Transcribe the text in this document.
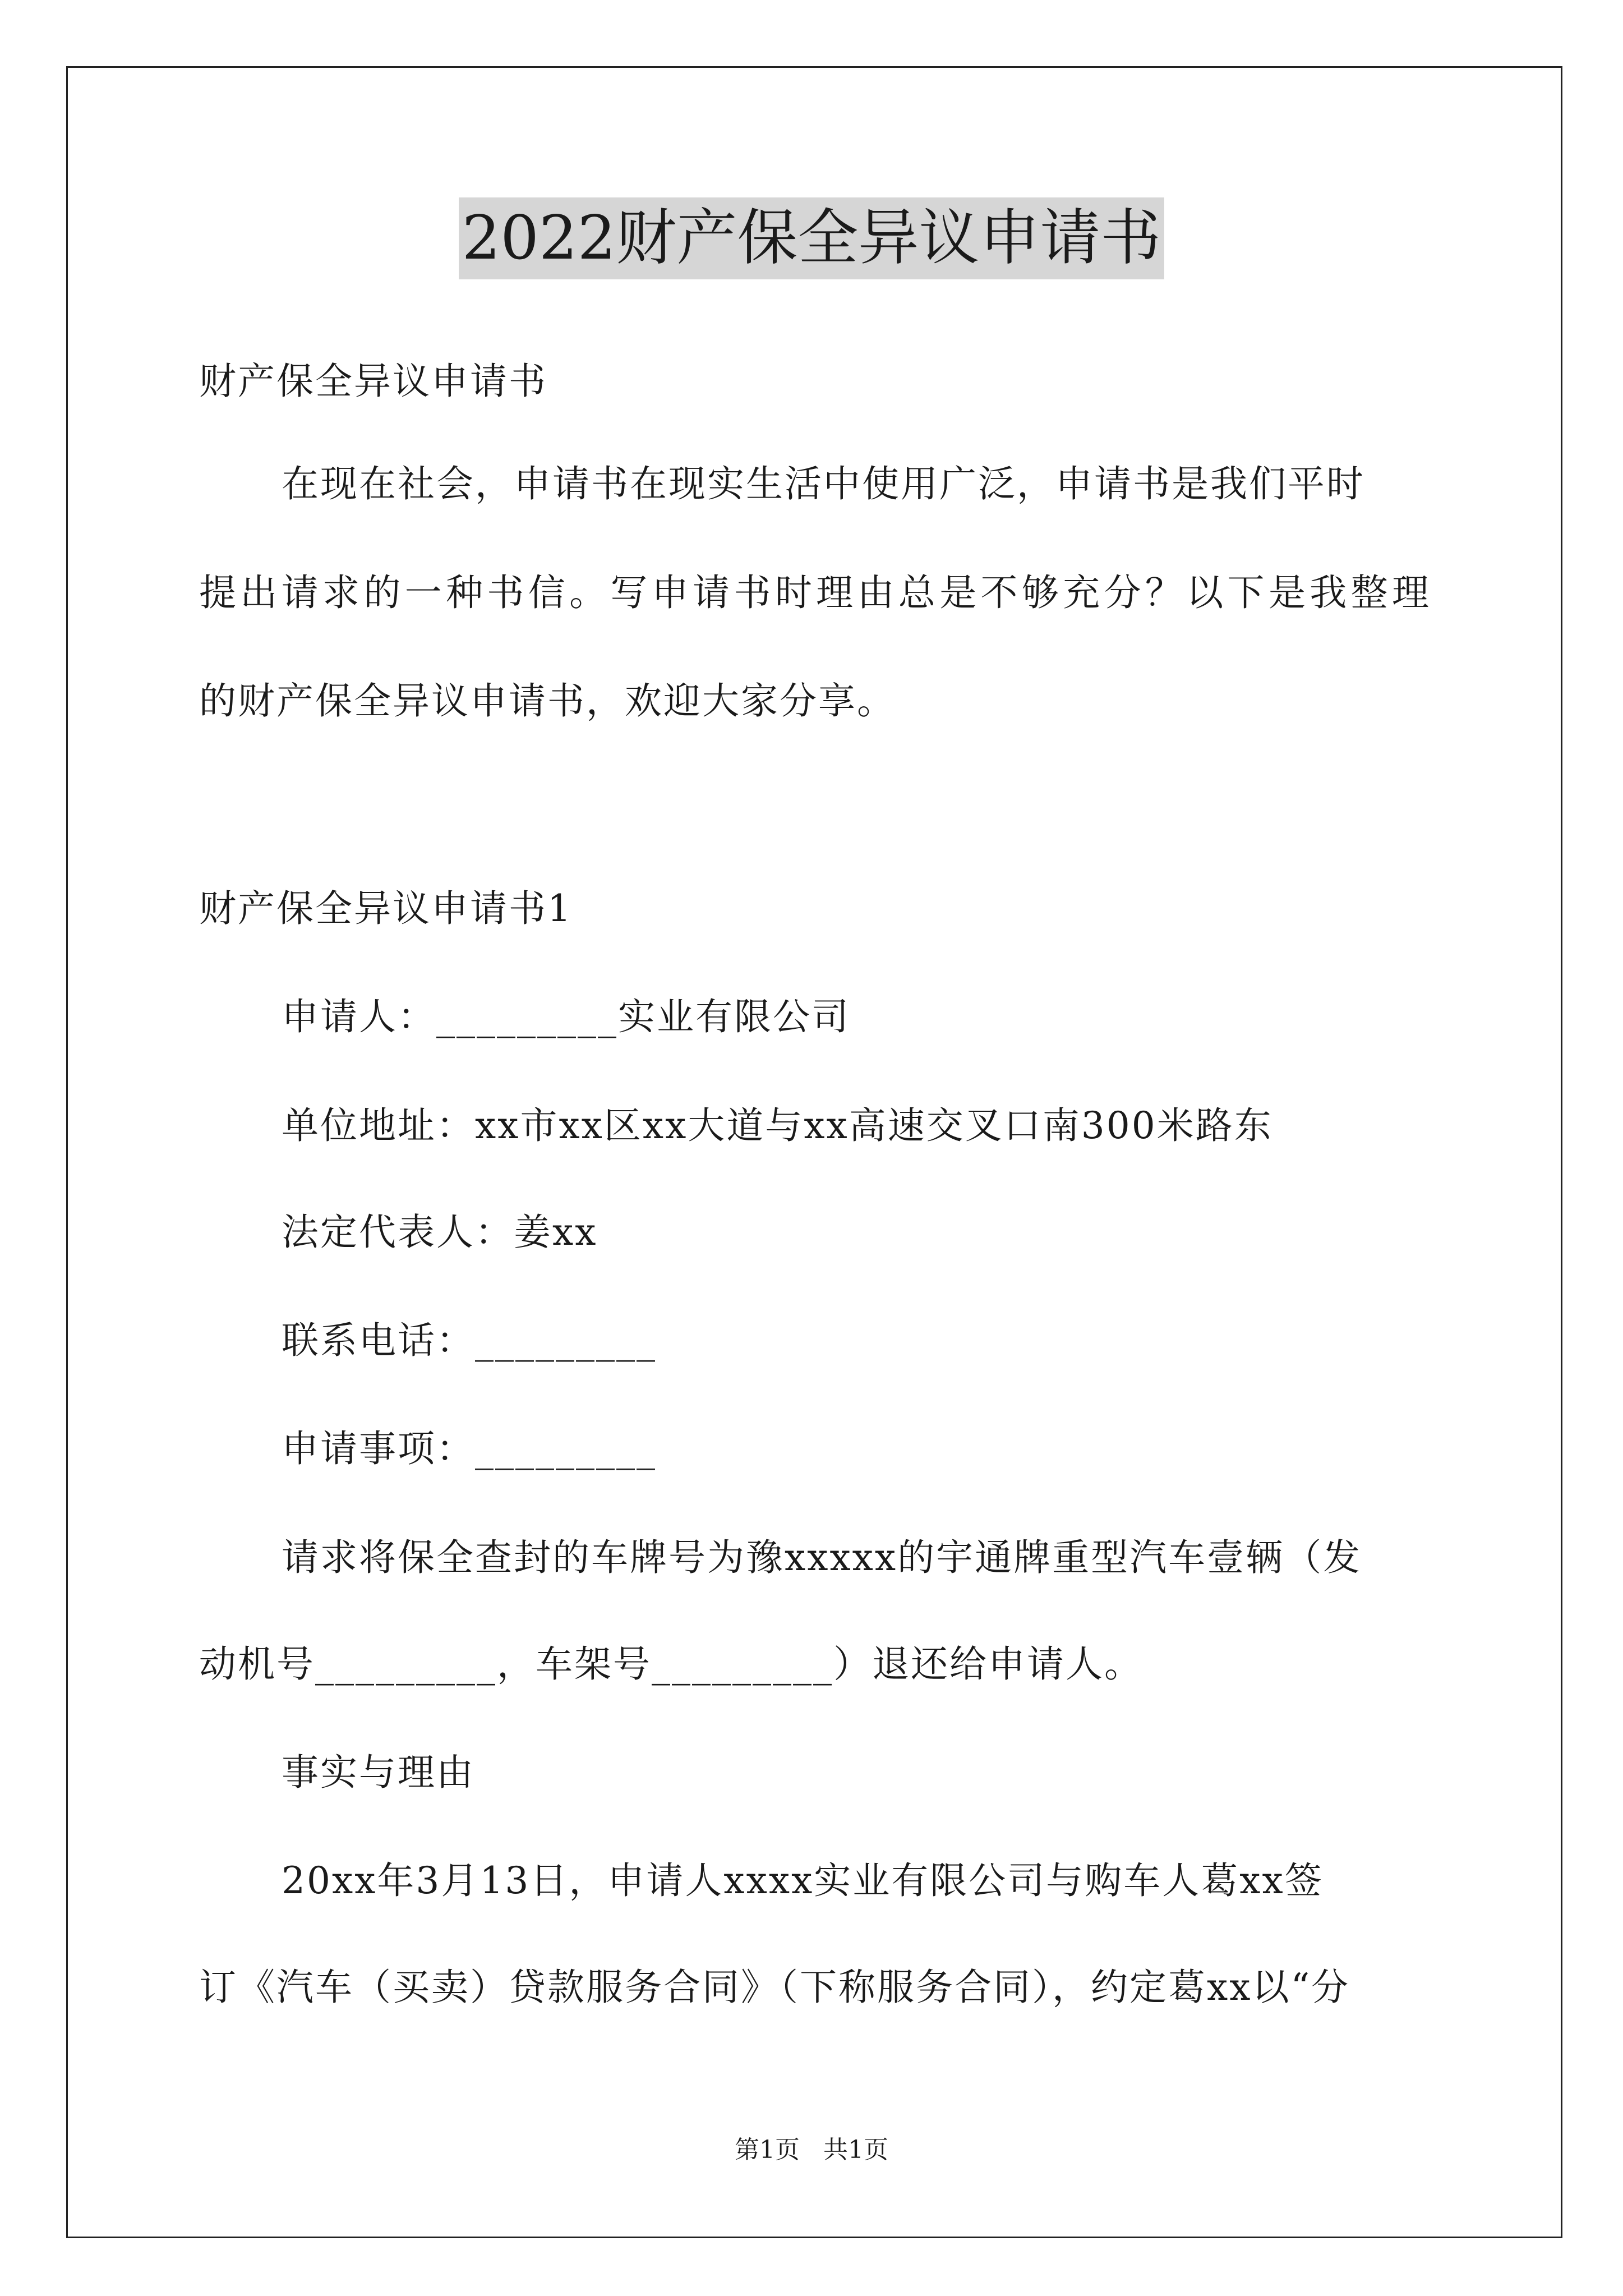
2022财产保全异议申请书
财产保全异议申请书
在现在社会，申请书在现实生活中使用广泛，申请书是我们平时
提出请求的一种书信。写申请书时理由总是不够充分？以下是我整理
的财产保全异议申请书，欢迎大家分享。
财产保全异议申请书1
申请人：_________实业有限公司
单位地址：xx市xx区xx大道与xx高速交叉口南300米路东
法定代表人：姜xx
联系电话：_________
申请事项：_________
请求将保全查封的车牌号为豫xxxxx的宇通牌重型汽车壹辆（发
动机号_________，车架号_________）退还给申请人。
事实与理由
20xx年3月13日，申请人xxxx实业有限公司与购车人葛xx签
订《汽车（买卖）贷款服务合同》（下称服务合同），约定葛xx以“分
第1页   共1页
